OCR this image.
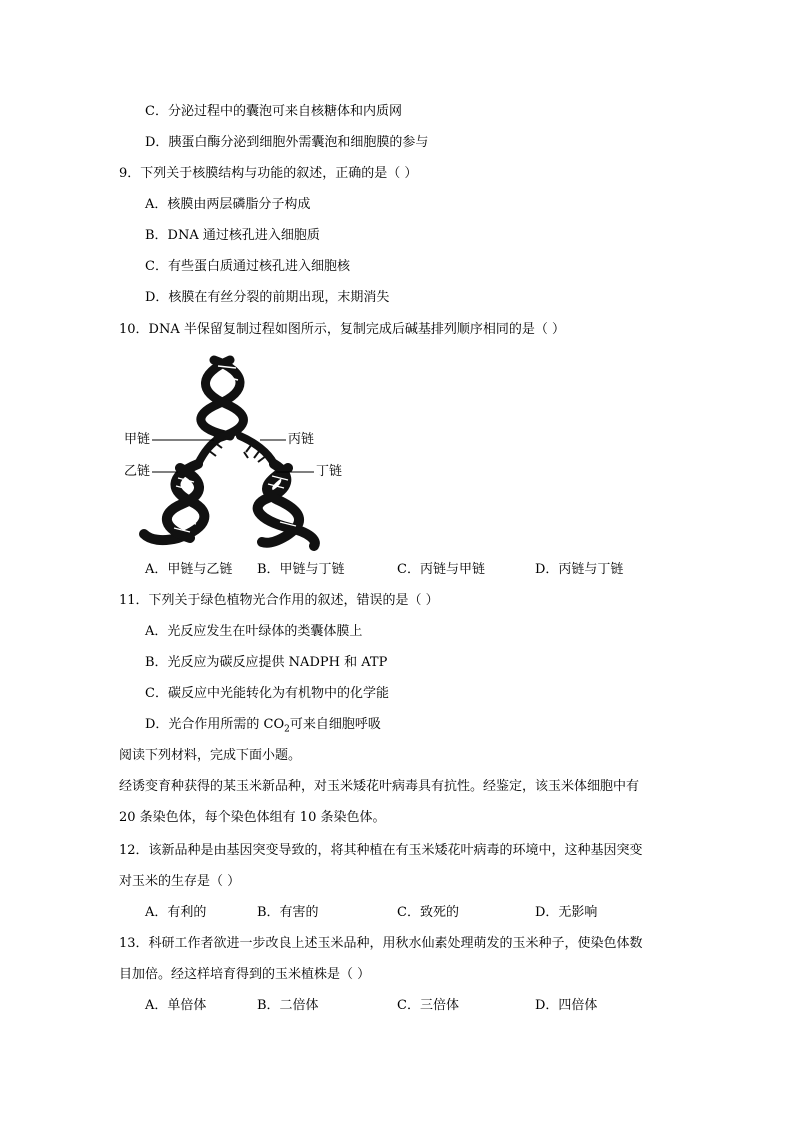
C．分泌过程中的囊泡可来自核糖体和内质网
D．胰蛋白酶分泌到细胞外需囊泡和细胞膜的参与
9．下列关于核膜结构与功能的叙述，正确的是（ ）
A．核膜由两层磷脂分子构成
B．DNA 通过核孔进入细胞质
C．有些蛋白质通过核孔进入细胞核
D．核膜在有丝分裂的前期出现，末期消失
10．DNA 半保留复制过程如图所示，复制完成后碱基排列顺序相同的是（ ）
甲链
乙链
丙链
丁链
A．甲链与乙链 B．甲链与丁链	C．丙链与甲链	D．丙链与丁链
11．下列关于绿色植物光合作用的叙述，错误的是（ ）
A．光反应发生在叶绿体的类囊体膜上
B．光反应为碳反应提供 NADPH 和 ATP
C．碳反应中光能转化为有机物中的化学能
D．光合作用所需的 $CO_2$可来自细胞呼吸
阅读下列材料，完成下面小题。
经诱变育种获得的某玉米新品种，对玉米矮花叶病毒具有抗性。经鉴定，该玉米体细胞中有
20 条染色体，每个染色体组有 10 条染色体。
12．该新品种是由基因突变导致的，将其种植在有玉米矮花叶病毒的环境中，这种基因突变
对玉米的生存是（ ）
A．有利的	B．有害的	C．致死的	D．无影响
13．科研工作者欲进一步改良上述玉米品种，用秋水仙素处理萌发的玉米种子，使染色体数
目加倍。经这样培育得到的玉米植株是（ ）
A．单倍体	B．二倍体	C．三倍体	D．四倍体
